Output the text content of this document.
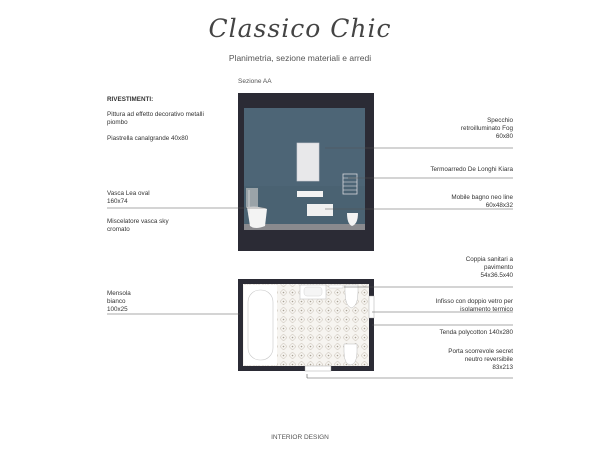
Classico Chic
Planimetria, sezione materiali e arredi
Sezione AA
RIVESTIMENTI:
Pittura ad effetto decorativo metalli
piombo
Piastrella canalgrande 40x80
Vasca Lea oval
160x74
Miscelatore vasca sky
cromato
Mensola
bianco
100x25
Specchio
retroilluminato Fog
60x80
Termoarredo De Longhi Kiara
Mobile bagno neo line
60x48x32
Coppia sanitari a
pavimento
54x36.5x40
Infisso con doppio vetro per
isolamento termico
Tenda polycotton 140x280
Porta scorrevole secret
neutro reversibile
83x213
INTERIOR DESIGN
